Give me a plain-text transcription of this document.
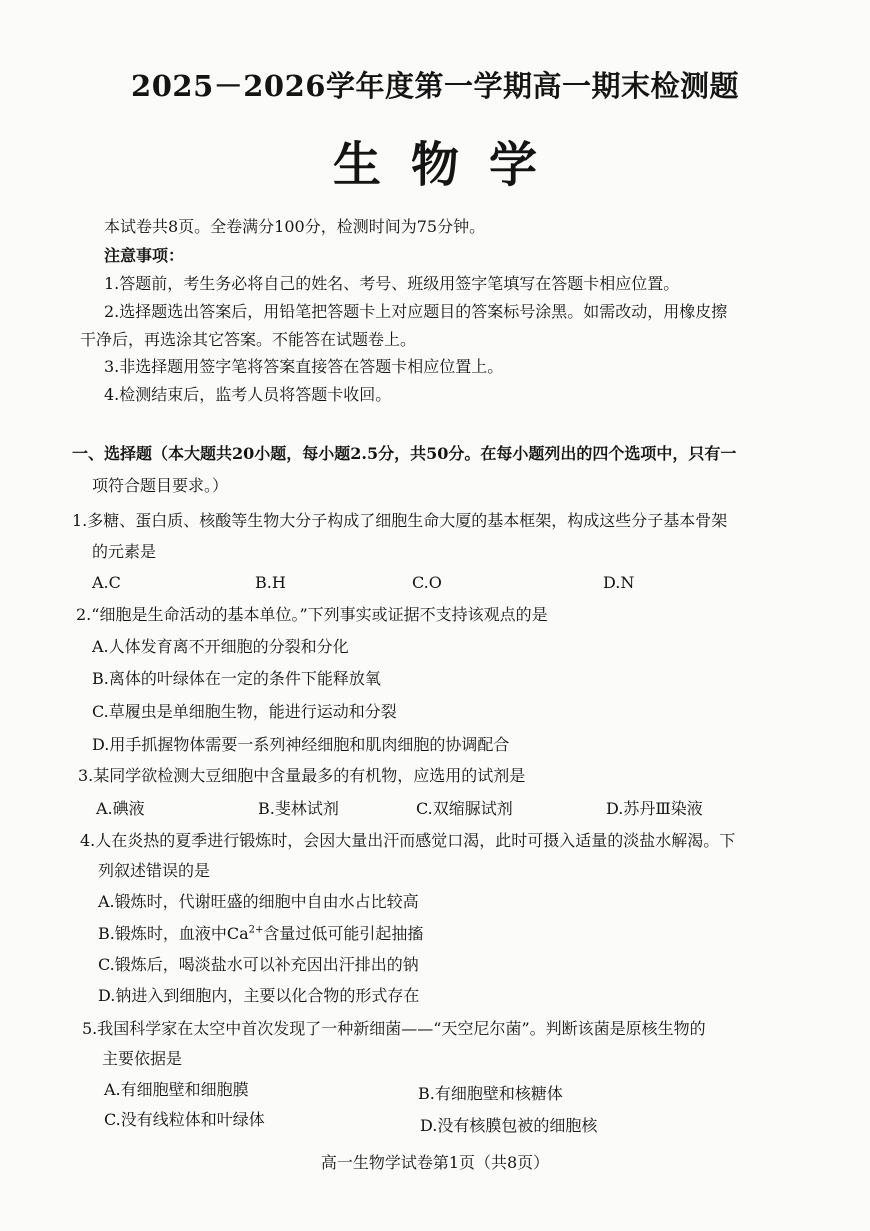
2025－2026学年度第一学期高一期末检测题
生物学
本试卷共8页。全卷满分100分，检测时间为75分钟。
注意事项：
1.答题前，考生务必将自己的姓名、考号、班级用签字笔填写在答题卡相应位置。
2.选择题选出答案后，用铅笔把答题卡上对应题目的答案标号涂黑。如需改动，用橡皮擦
干净后，再选涂其它答案。不能答在试题卷上。
3.非选择题用签字笔将答案直接答在答题卡相应位置上。
4.检测结束后，监考人员将答题卡收回。
一、选择题（本大题共20小题，每小题2.5分，共50分。在每小题列出的四个选项中，只有一
项符合题目要求。）
1.多糖、蛋白质、核酸等生物大分子构成了细胞生命大厦的基本框架，构成这些分子基本骨架
的元素是
A.C	B.H	C.O	D.N
2.“细胞是生命活动的基本单位。”下列事实或证据不支持该观点的是
A.人体发育离不开细胞的分裂和分化
B.离体的叶绿体在一定的条件下能释放氧
C.草履虫是单细胞生物，能进行运动和分裂
D.用手抓握物体需要一系列神经细胞和肌肉细胞的协调配合
3.某同学欲检测大豆细胞中含量最多的有机物，应选用的试剂是
A.碘液	B.斐林试剂	C.双缩脲试剂	D.苏丹Ⅲ染液
4.人在炎热的夏季进行锻炼时，会因大量出汗而感觉口渴，此时可摄入适量的淡盐水解渴。下
列叙述错误的是
A.锻炼时，代谢旺盛的细胞中自由水占比较高
B.锻炼时，血液中$Ca^{2+}$含量过低可能引起抽搐
C.锻炼后，喝淡盐水可以补充因出汗排出的钠
D.钠进入到细胞内，主要以化合物的形式存在
5.我国科学家在太空中首次发现了一种新细菌——“天空尼尔菌”。判断该菌是原核生物的
主要依据是
A.有细胞壁和细胞膜	B.有细胞壁和核糖体
C.没有线粒体和叶绿体	D.没有核膜包被的细胞核
高一生物学试卷第1页（共8页）
